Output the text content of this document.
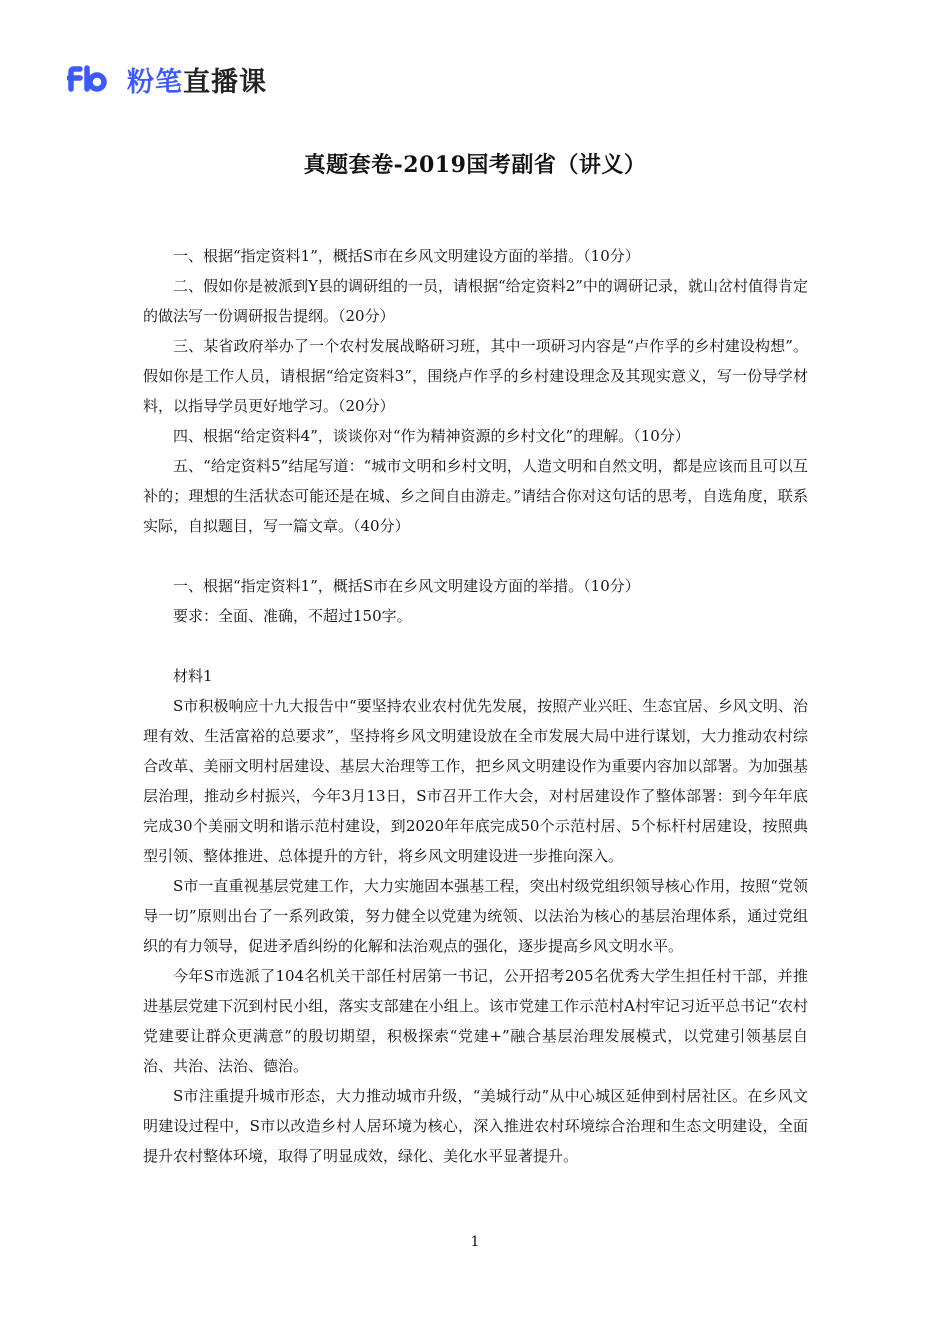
粉笔 直播课
真题套卷-2019国考副省（讲义）

一、根据“指定资料1”，概括S市在乡风文明建设方面的举措。（10分）

二、假如你是被派到Y县的调研组的一员，请根据“给定资料2”中的调研记录，就山岔村值得肯定的做法写一份调研报告提纲。（20分）

三、某省政府举办了一个农村发展战略研习班，其中一项研习内容是“卢作孚的乡村建设构想”。假如你是工作人员，请根据“给定资料3”，围绕卢作孚的乡村建设理念及其现实意义，写一份导学材料，以指导学员更好地学习。（20分）

四、根据“给定资料4”，谈谈你对“作为精神资源的乡村文化”的理解。（10分）

五、“给定资料5”结尾写道：“城市文明和乡村文明，人造文明和自然文明，都是应该而且可以互补的；理想的生活状态可能还是在城、乡之间自由游走。”请结合你对这句话的思考，自选角度，联系实际，自拟题目，写一篇文章。（40分）

一、根据“指定资料1”，概括S市在乡风文明建设方面的举措。（10分）

要求：全面、准确，不超过150字。

材料1

S市积极响应十九大报告中“要坚持农业农村优先发展，按照产业兴旺、生态宜居、乡风文明、治理有效、生活富裕的总要求”，坚持将乡风文明建设放在全市发展大局中进行谋划，大力推动农村综合改革、美丽文明村居建设、基层大治理等工作，把乡风文明建设作为重要内容加以部署。为加强基层治理，推动乡村振兴，今年3月13日，S市召开工作大会，对村居建设作了整体部署：到今年年底完成30个美丽文明和谐示范村建设，到2020年年底完成50个示范村居、5个标杆村居建设，按照典型引领、整体推进、总体提升的方针，将乡风文明建设进一步推向深入。

S市一直重视基层党建工作，大力实施固本强基工程，突出村级党组织领导核心作用，按照“党领导一切”原则出台了一系列政策，努力健全以党建为统领、以法治为核心的基层治理体系，通过党组织的有力领导，促进矛盾纠纷的化解和法治观点的强化，逐步提高乡风文明水平。

今年S市选派了104名机关干部任村居第一书记，公开招考205名优秀大学生担任村干部，并推进基层党建下沉到村民小组，落实支部建在小组上。该市党建工作示范村A村牢记习近平总书记“农村党建要让群众更满意”的殷切期望，积极探索“党建+”融合基层治理发展模式，以党建引领基层自治、共治、法治、德治。

S市注重提升城市形态，大力推动城市升级，“美城行动”从中心城区延伸到村居社区。在乡风文明建设过程中，S市以改造乡村人居环境为核心，深入推进农村环境综合治理和生态文明建设，全面提升农村整体环境，取得了明显成效，绿化、美化水平显著提升。

1
